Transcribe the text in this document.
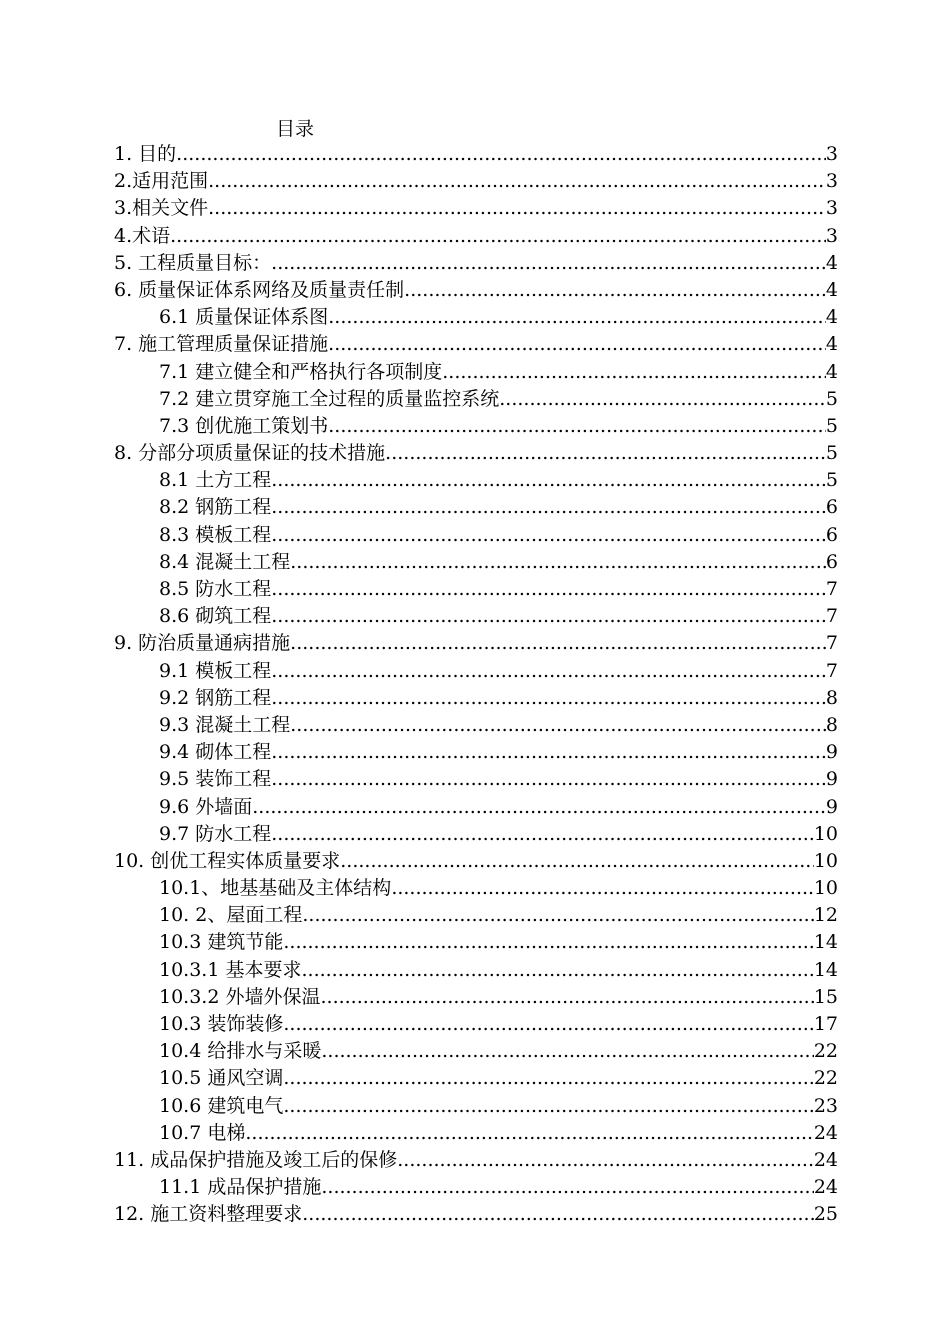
目录
1. 目的 .....	3
2.适用范围 .....	3
3.相关文件 .....	3
4.术语 .....	3
5. 工程质量目标： .....	4
6. 质量保证体系网络及质量责任制 .....	4
6.1 质量保证体系图 .....	4
7. 施工管理质量保证措施 .....	4
7.1 建立健全和严格执行各项制度 .....	4
7.2 建立贯穿施工全过程的质量监控系统 .....	5
7.3 创优施工策划书 .....	5
8. 分部分项质量保证的技术措施 .....	5
8.1 土方工程 .....	5
8.2 钢筋工程 .....	6
8.3 模板工程 .....	6
8.4 混凝土工程 .....	6
8.5 防水工程 .....	7
8.6 砌筑工程 .....	7
9. 防治质量通病措施 .....	7
9.1 模板工程 .....	7
9.2 钢筋工程 .....	8
9.3 混凝土工程 .....	8
9.4 砌体工程 .....	9
9.5 装饰工程 .....	9
9.6 外墙面 .....	9
9.7 防水工程 .....	10
10. 创优工程实体质量要求 .....	10
10.1、地基基础及主体结构 .....	10
10. 2、屋面工程 .....	12
10.3 建筑节能 .....	14
10.3.1 基本要求 .....	14
10.3.2 外墙外保温 .....	15
10.3 装饰装修 .....	17
10.4 给排水与采暖 .....	22
10.5 通风空调 .....	22
10.6 建筑电气 .....	23
10.7 电梯 .....	24
11. 成品保护措施及竣工后的保修 .....	24
11.1 成品保护措施 .....	24
12. 施工资料整理要求 .....	25
